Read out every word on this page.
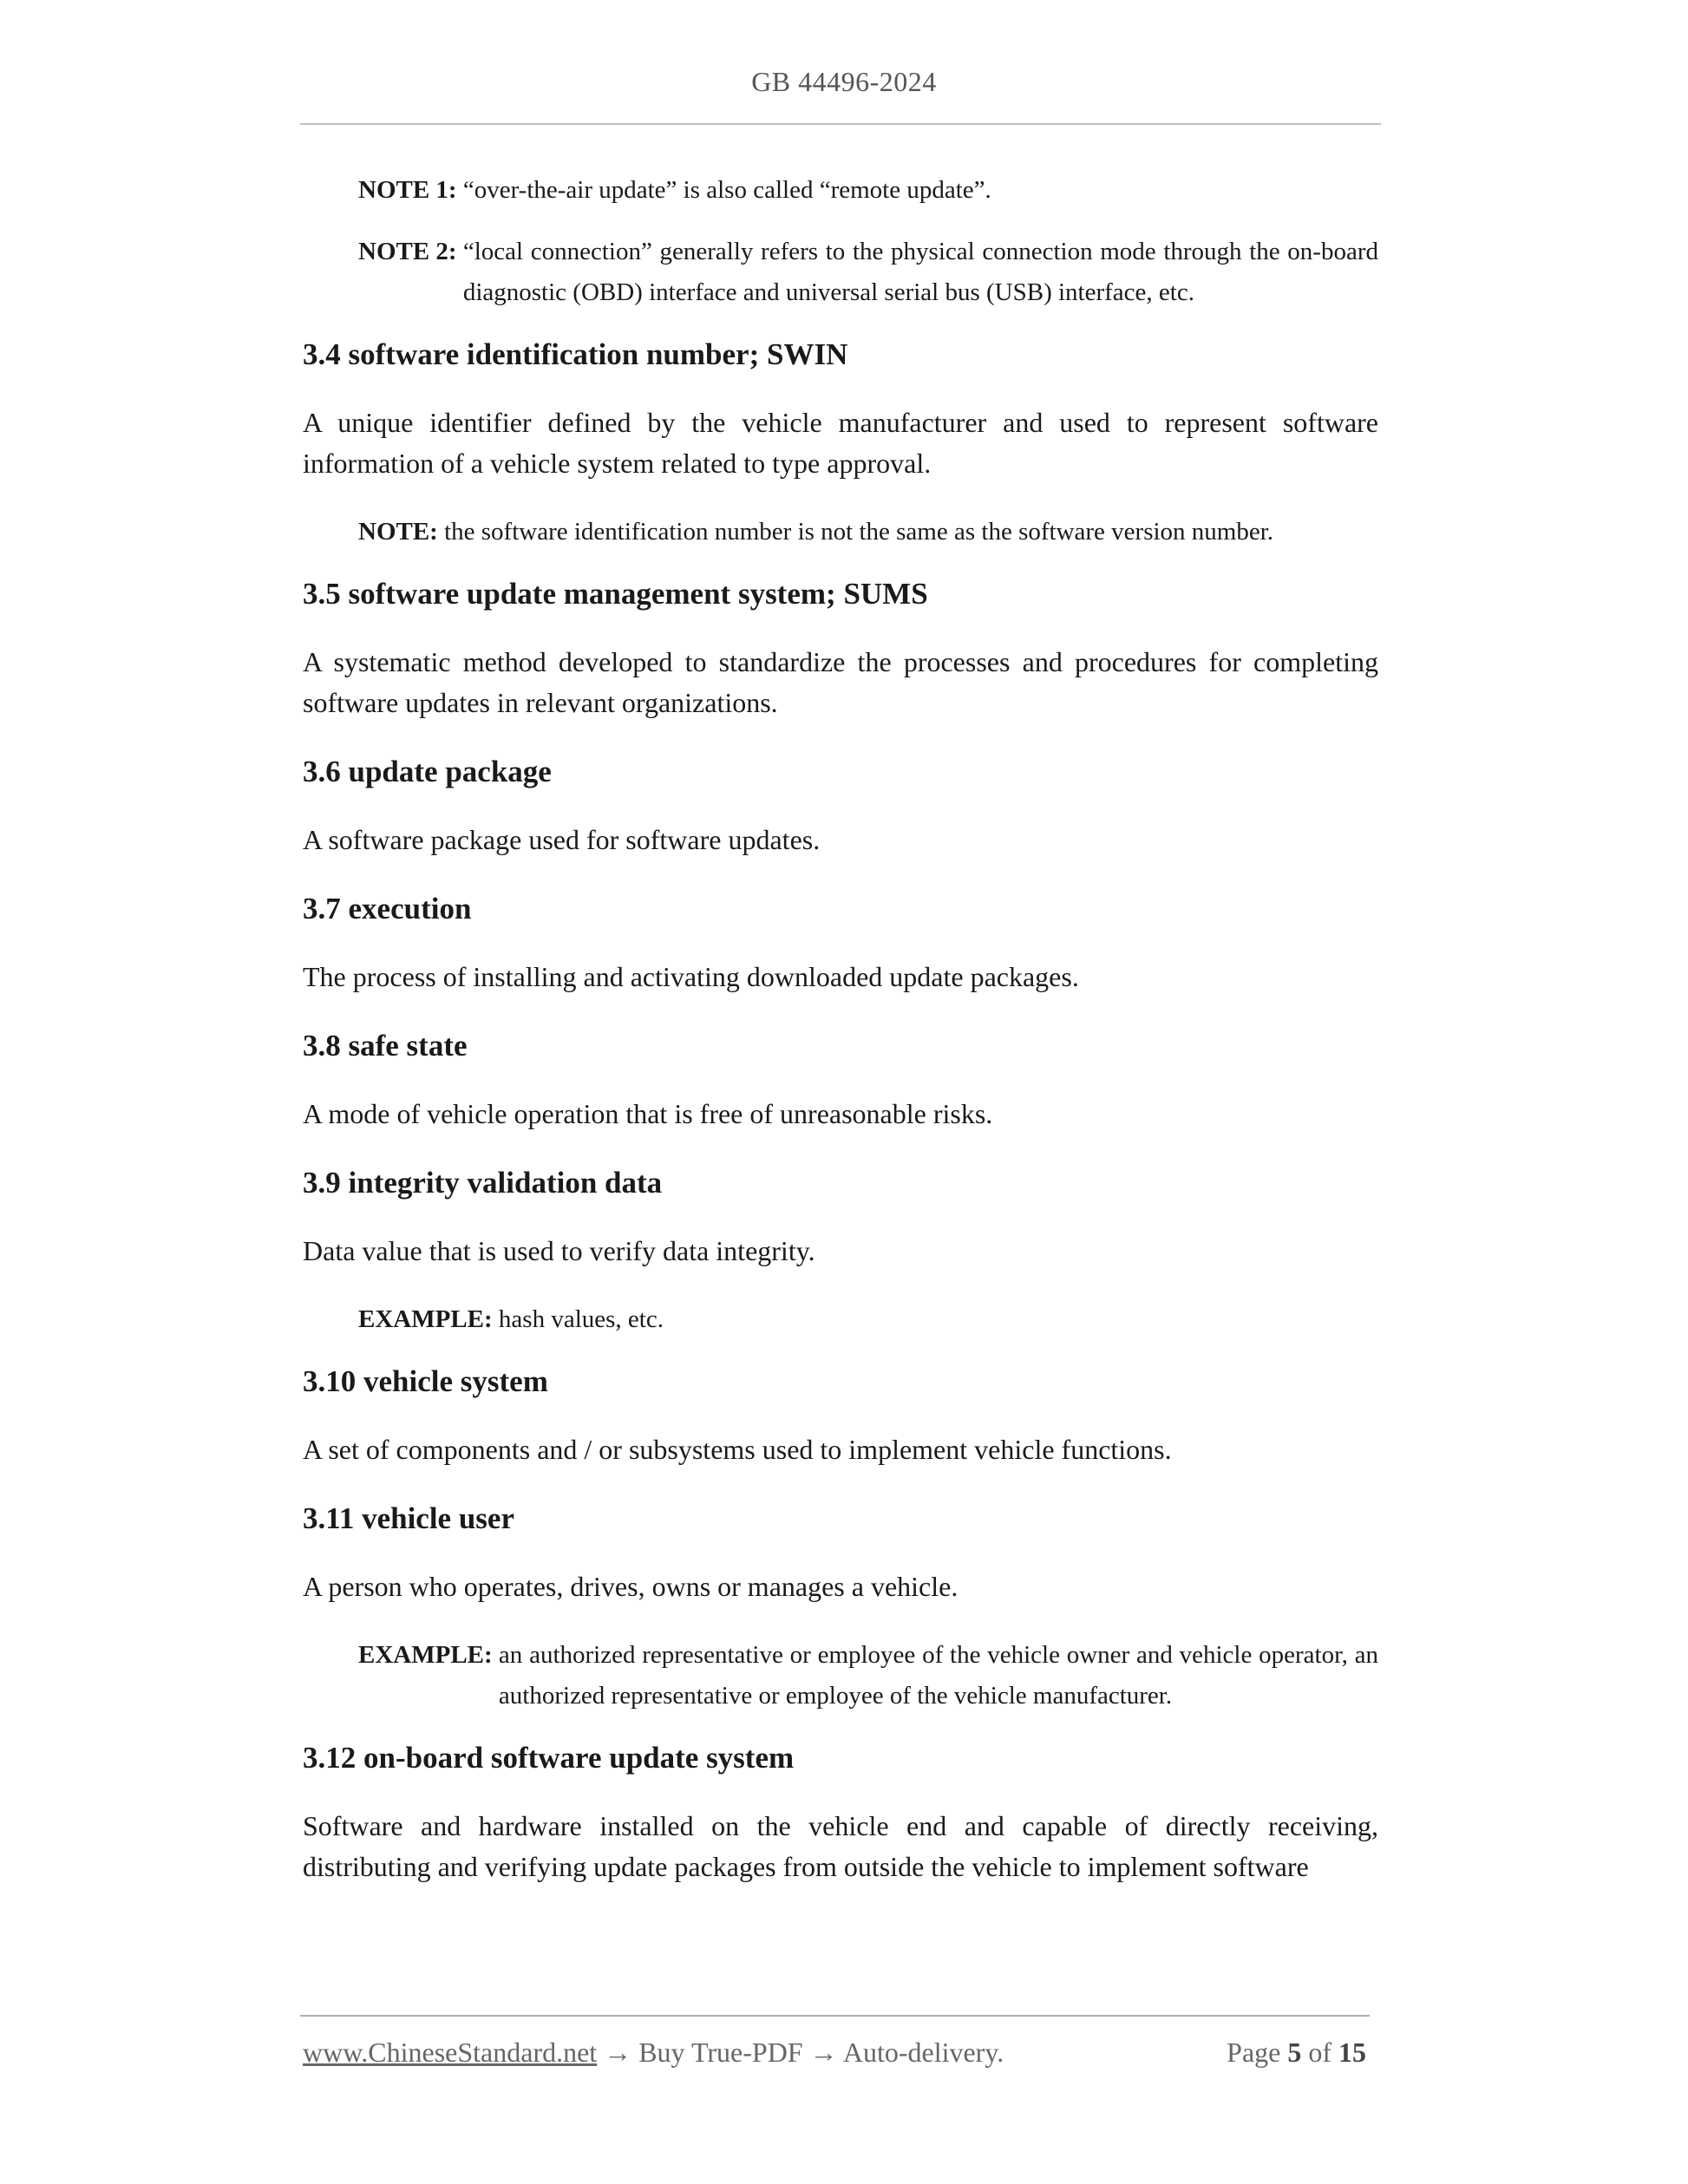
GB 44496-2024
NOTE 1: “over-the-air update” is also called “remote update”.
NOTE 2:
“local connection” generally refers to the physical connection mode through the on-board diagnostic (OBD) interface and universal serial bus (USB) interface, etc.
3.4 software identification number; SWIN
A unique identifier defined by the vehicle manufacturer and used to represent software information of a vehicle system related to type approval.
NOTE: the software identification number is not the same as the software version number.
3.5 software update management system; SUMS
A systematic method developed to standardize the processes and procedures for completing software updates in relevant organizations.
3.6 update package
A software package used for software updates.
3.7 execution
The process of installing and activating downloaded update packages.
3.8 safe state
A mode of vehicle operation that is free of unreasonable risks.
3.9 integrity validation data
Data value that is used to verify data integrity.
EXAMPLE: hash values, etc.
3.10 vehicle system
A set of components and / or subsystems used to implement vehicle functions.
3.11 vehicle user
A person who operates, drives, owns or manages a vehicle.
EXAMPLE: an authorized representative or employee of the vehicle owner and vehicle operator, an authorized representative or employee of the vehicle manufacturer.
3.12 on-board software update system
Software and hardware installed on the vehicle end and capable of directly receiving, distributing and verifying update packages from outside the vehicle to implement software
www.ChineseStandard.net → Buy True-PDF → Auto-delivery.	Page 5 of 15
